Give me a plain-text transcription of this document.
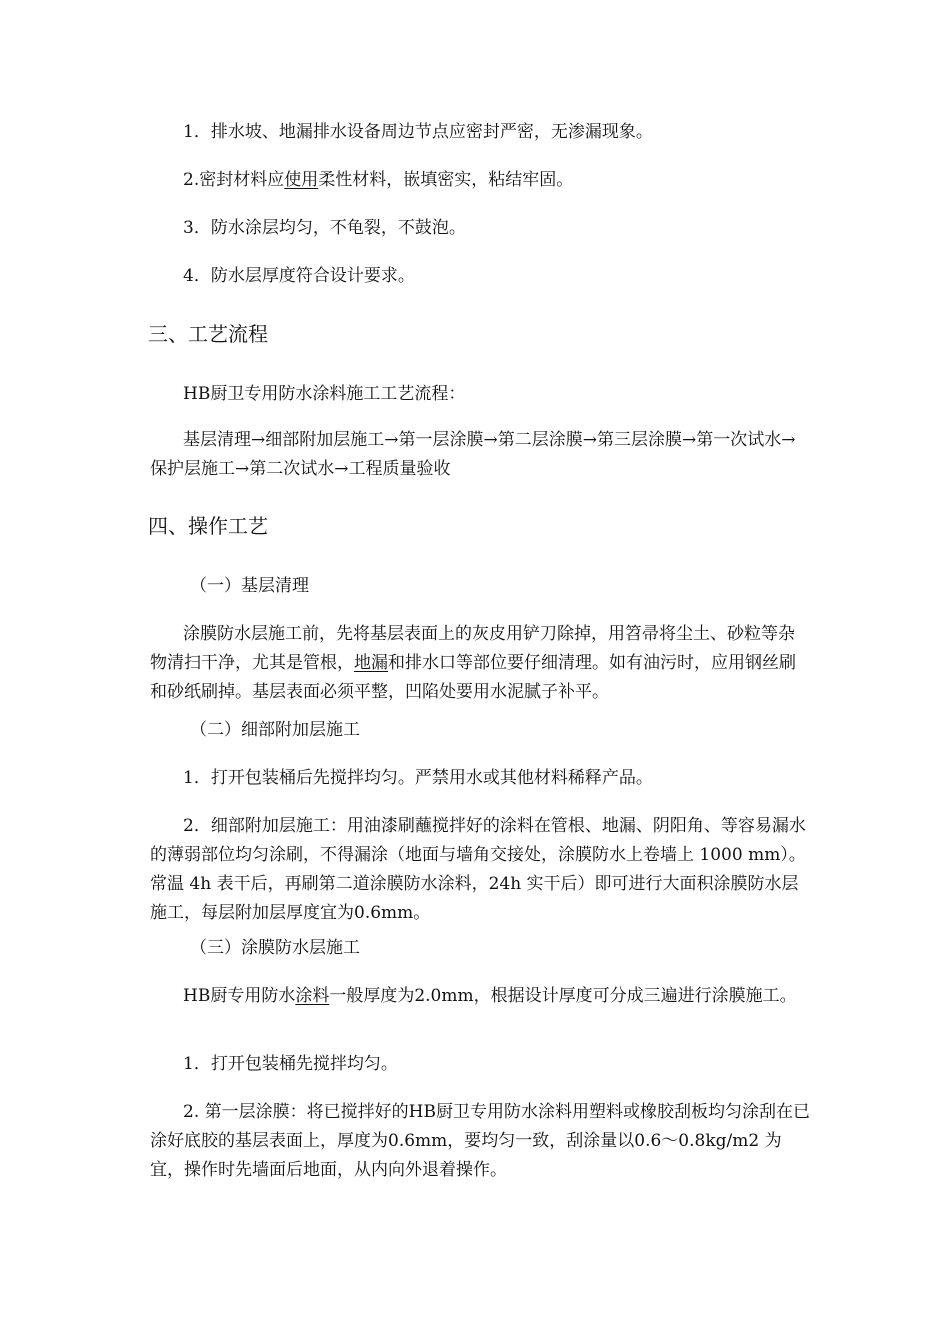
1．排水坡、地漏排水设备周边节点应密封严密，无渗漏现象。

2.密封材料应使用柔性材料，嵌填密实，粘结牢固。

3．防水涂层均匀，不龟裂，不鼓泡。

4．防水层厚度符合设计要求。

三、工艺流程

HB厨卫专用防水涂料施工工艺流程：

基层清理→细部附加层施工→第一层涂膜→第二层涂膜→第三层涂膜→第一次试水→保护层施工→第二次试水→工程质量验收

四、操作工艺

（一）基层清理

涂膜防水层施工前，先将基层表面上的灰皮用铲刀除掉，用笤帚将尘土、砂粒等杂物清扫干净，尤其是管根，地漏和排水口等部位要仔细清理。如有油污时，应用钢丝刷和砂纸刷掉。基层表面必须平整，凹陷处要用水泥腻子补平。

（二）细部附加层施工

1．打开包装桶后先搅拌均匀。严禁用水或其他材料稀释产品。

2．细部附加层施工：用油漆刷蘸搅拌好的涂料在管根、地漏、阴阳角、等容易漏水的薄弱部位均匀涂刷，不得漏涂（地面与墙角交接处，涂膜防水上卷墙上 1000 mm）。常温 4h 表干后，再刷第二道涂膜防水涂料，24h 实干后）即可进行大面积涂膜防水层施工，每层附加层厚度宜为0.6mm。

（三）涂膜防水层施工

HB厨专用防水涂料一般厚度为2.0mm，根据设计厚度可分成三遍进行涂膜施工。

1．打开包装桶先搅拌均匀。

2. 第一层涂膜：将已搅拌好的HB厨卫专用防水涂料用塑料或橡胶刮板均匀涂刮在已涂好底胶的基层表面上，厚度为0.6mm，要均匀一致，刮涂量以0.6～0.8kg/m2 为宜，操作时先墙面后地面，从内向外退着操作。
